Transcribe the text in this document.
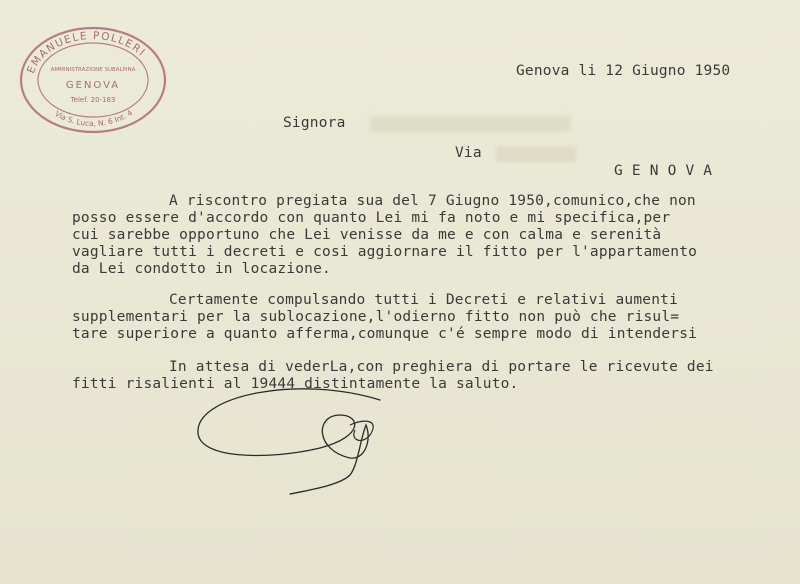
EMANUELE POLLERI
Via S. Luca, N. 6 Int. 4
AMMINISTRAZIONE SUBALPINA
GENOVA
Telef. 20-183
Genova li 12 Giugno 1950
Signora
Via
G E N O V A
A riscontro pregiata sua del 7 Giugno 1950,comunico,che non
posso essere d'accordo con quanto Lei mi fa noto e mi specifica,per
cui sarebbe opportuno che Lei venisse da me e con calma e serenità
vagliare tutti i decreti e cosi aggiornare il fitto per l'appartamento
da Lei condotto in locazione.
Certamente compulsando tutti i Decreti e relativi aumenti
supplementari per la sublocazione,l'odierno fitto non può che risul=
tare superiore a quanto afferma,comunque c'é sempre modo di intendersi
In attesa di vederLa,con preghiera di portare le ricevute dei
fitti risalienti al 19444 distintamente la saluto.
